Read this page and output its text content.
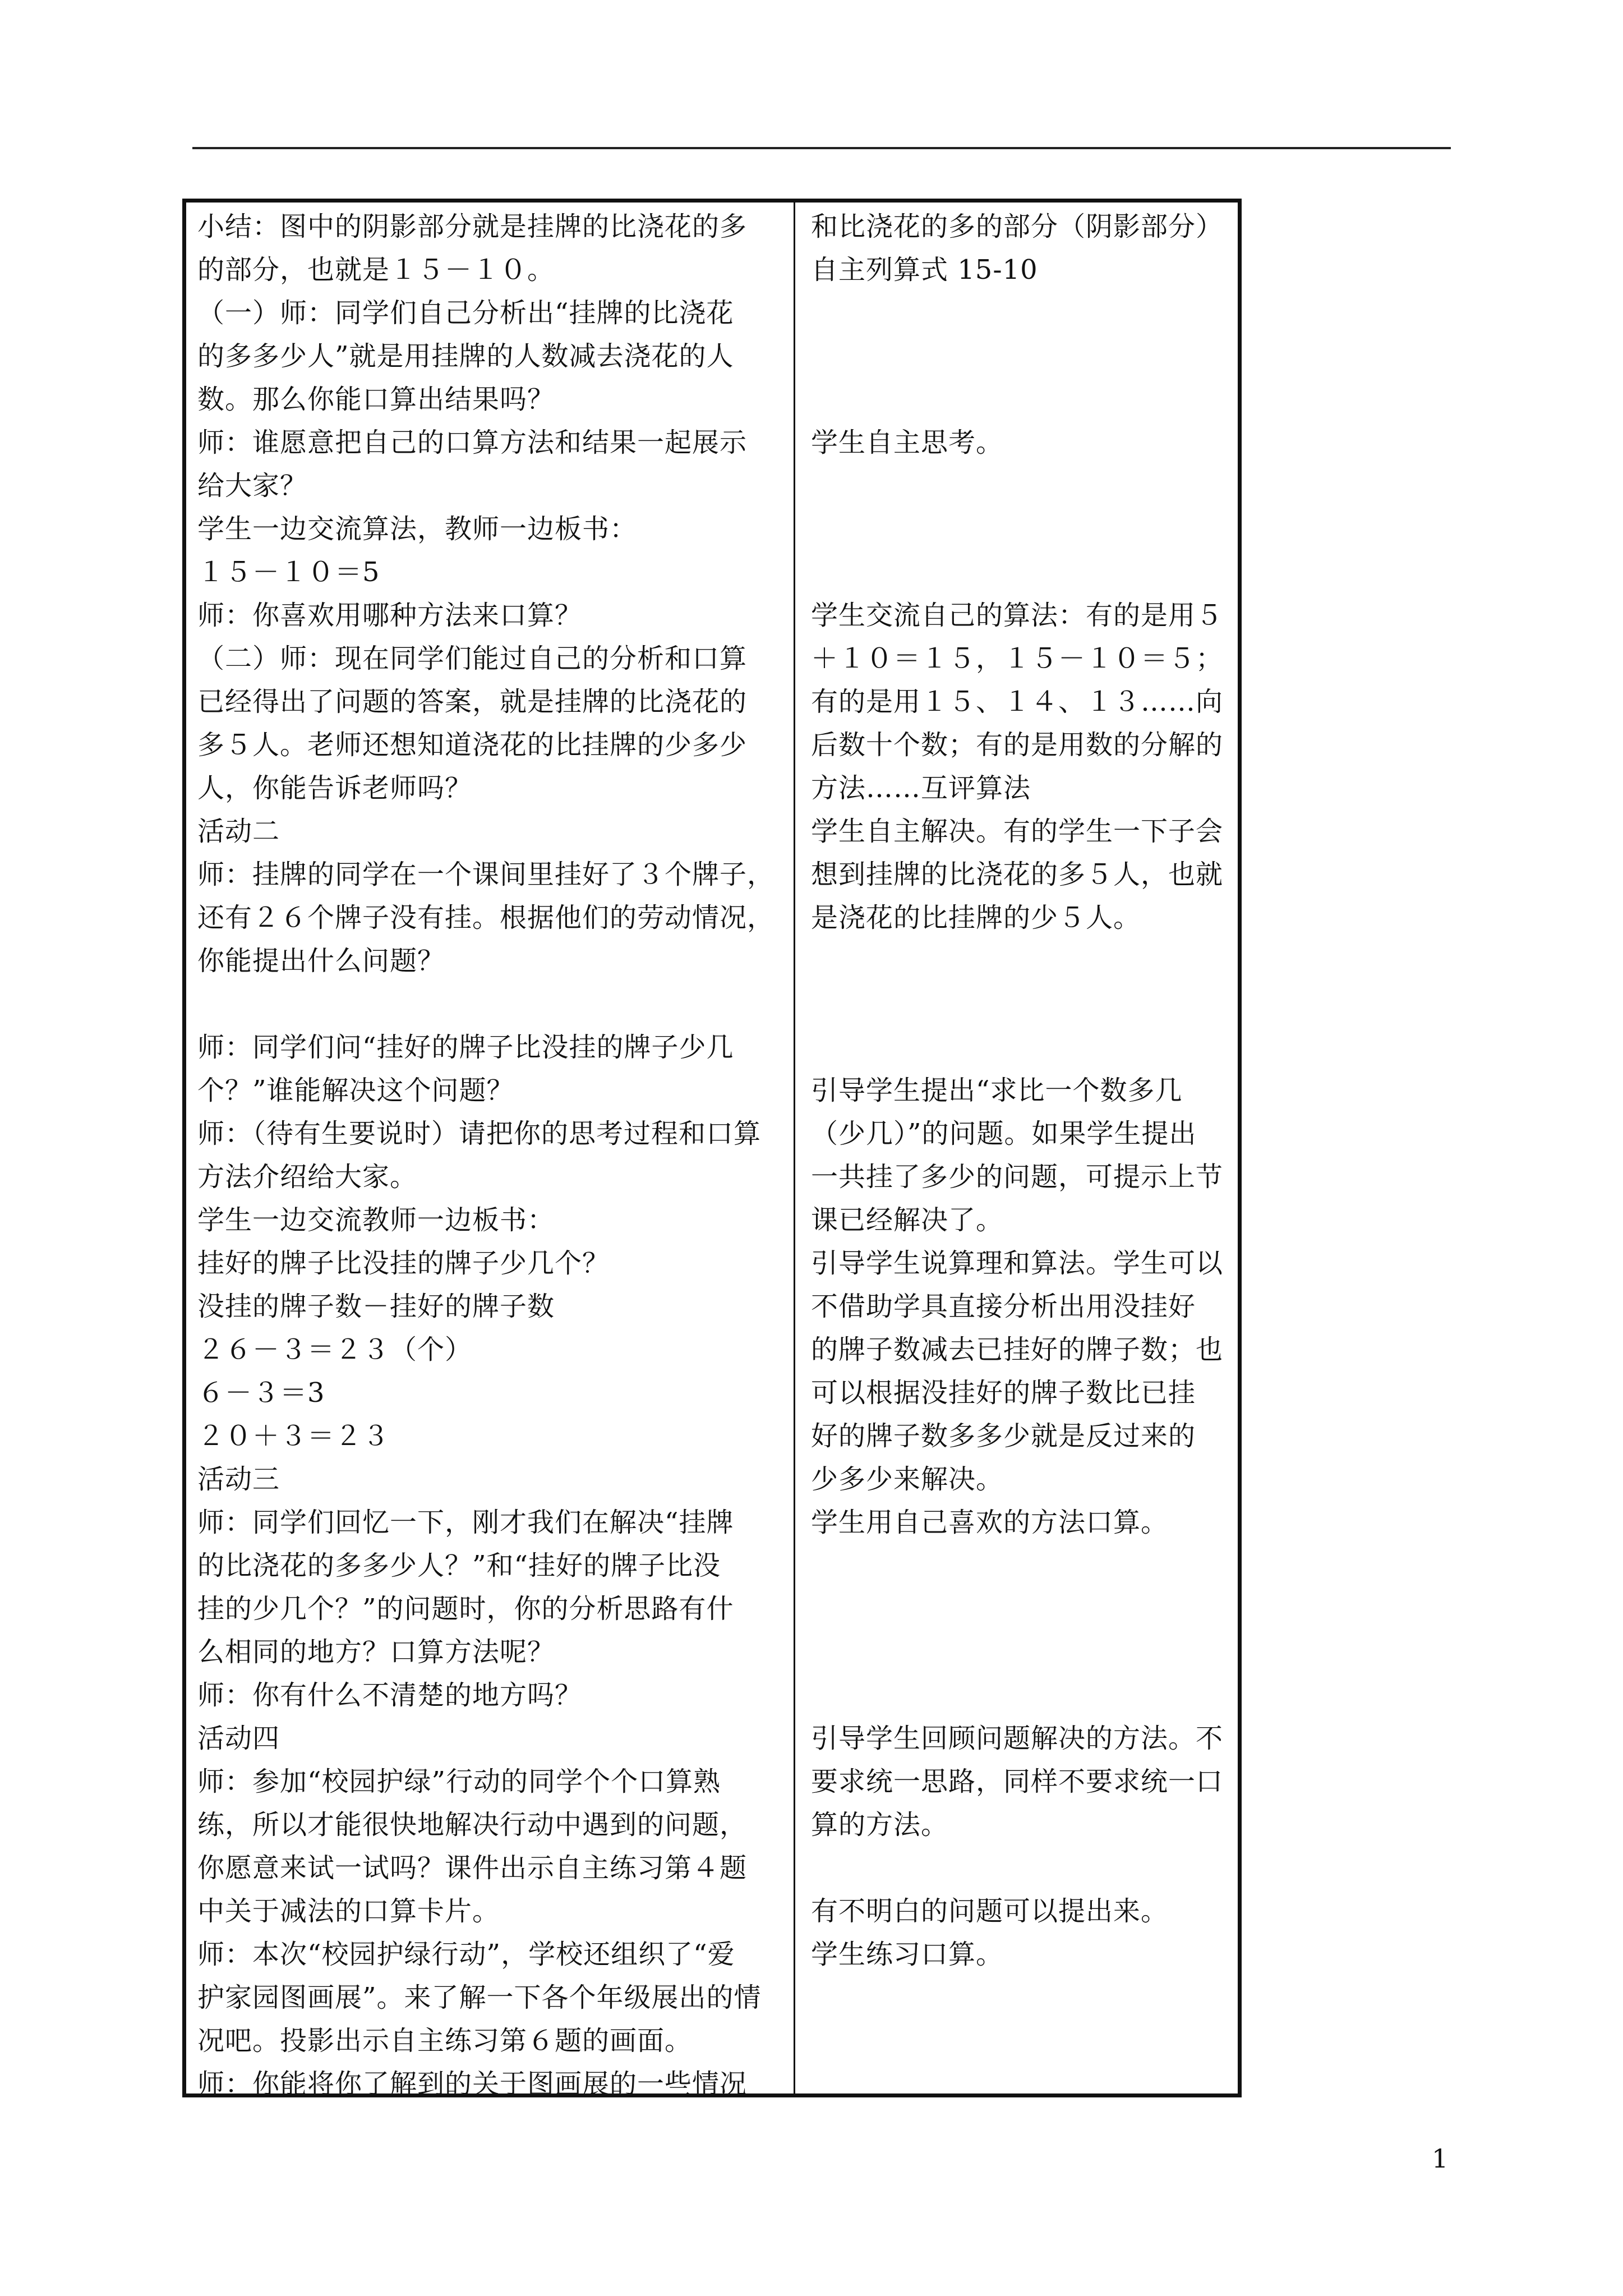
小结：图中的阴影部分就是挂牌的比浇花的多
的部分，也就是１５－１０。
（一）师：同学们自己分析出“挂牌的比浇花
的多多少人”就是用挂牌的人数减去浇花的人
数。那么你能口算出结果吗？
师：谁愿意把自己的口算方法和结果一起展示
给大家？
学生一边交流算法，教师一边板书：
１５－１０＝5
师：你喜欢用哪种方法来口算？
（二）师：现在同学们能过自己的分析和口算
已经得出了问题的答案，就是挂牌的比浇花的
多５人。老师还想知道浇花的比挂牌的少多少
人，你能告诉老师吗？
活动二
师：挂牌的同学在一个课间里挂好了３个牌子，
还有２６个牌子没有挂。根据他们的劳动情况，
你能提出什么问题？
师：同学们问“挂好的牌子比没挂的牌子少几
个？”谁能解决这个问题？
师：（待有生要说时）请把你的思考过程和口算
方法介绍给大家。
学生一边交流教师一边板书：
挂好的牌子比没挂的牌子少几个？
没挂的牌子数－挂好的牌子数
２６－３＝２３（个）
６－３＝3
２０＋３＝２３
活动三
师：同学们回忆一下，刚才我们在解决“挂牌
的比浇花的多多少人？”和“挂好的牌子比没
挂的少几个？”的问题时，你的分析思路有什
么相同的地方？口算方法呢？
师：你有什么不清楚的地方吗？
活动四
师：参加“校园护绿”行动的同学个个口算熟
练，所以才能很快地解决行动中遇到的问题，
你愿意来试一试吗？课件出示自主练习第４题
中关于减法的口算卡片。
师：本次“校园护绿行动”，学校还组织了“爱
护家园图画展”。来了解一下各个年级展出的情
况吧。投影出示自主练习第６题的画面。
师：你能将你了解到的关于图画展的一些情况
和比浇花的多的部分（阴影部分）
自主列算式 15-10
学生自主思考。
学生交流自己的算法：有的是用５
＋１０＝１５，１５－１０＝５；
有的是用１５、１４、１３……向
后数十个数；有的是用数的分解的
方法……互评算法
学生自主解决。有的学生一下子会
想到挂牌的比浇花的多５人，也就
是浇花的比挂牌的少５人。
引导学生提出“求比一个数多几
（少几）”的问题。如果学生提出
一共挂了多少的问题，可提示上节
课已经解决了。
引导学生说算理和算法。学生可以
不借助学具直接分析出用没挂好
的牌子数减去已挂好的牌子数；也
可以根据没挂好的牌子数比已挂
好的牌子数多多少就是反过来的
少多少来解决。
学生用自己喜欢的方法口算。
引导学生回顾问题解决的方法。不
要求统一思路，同样不要求统一口
算的方法。
有不明白的问题可以提出来。
学生练习口算。
1
